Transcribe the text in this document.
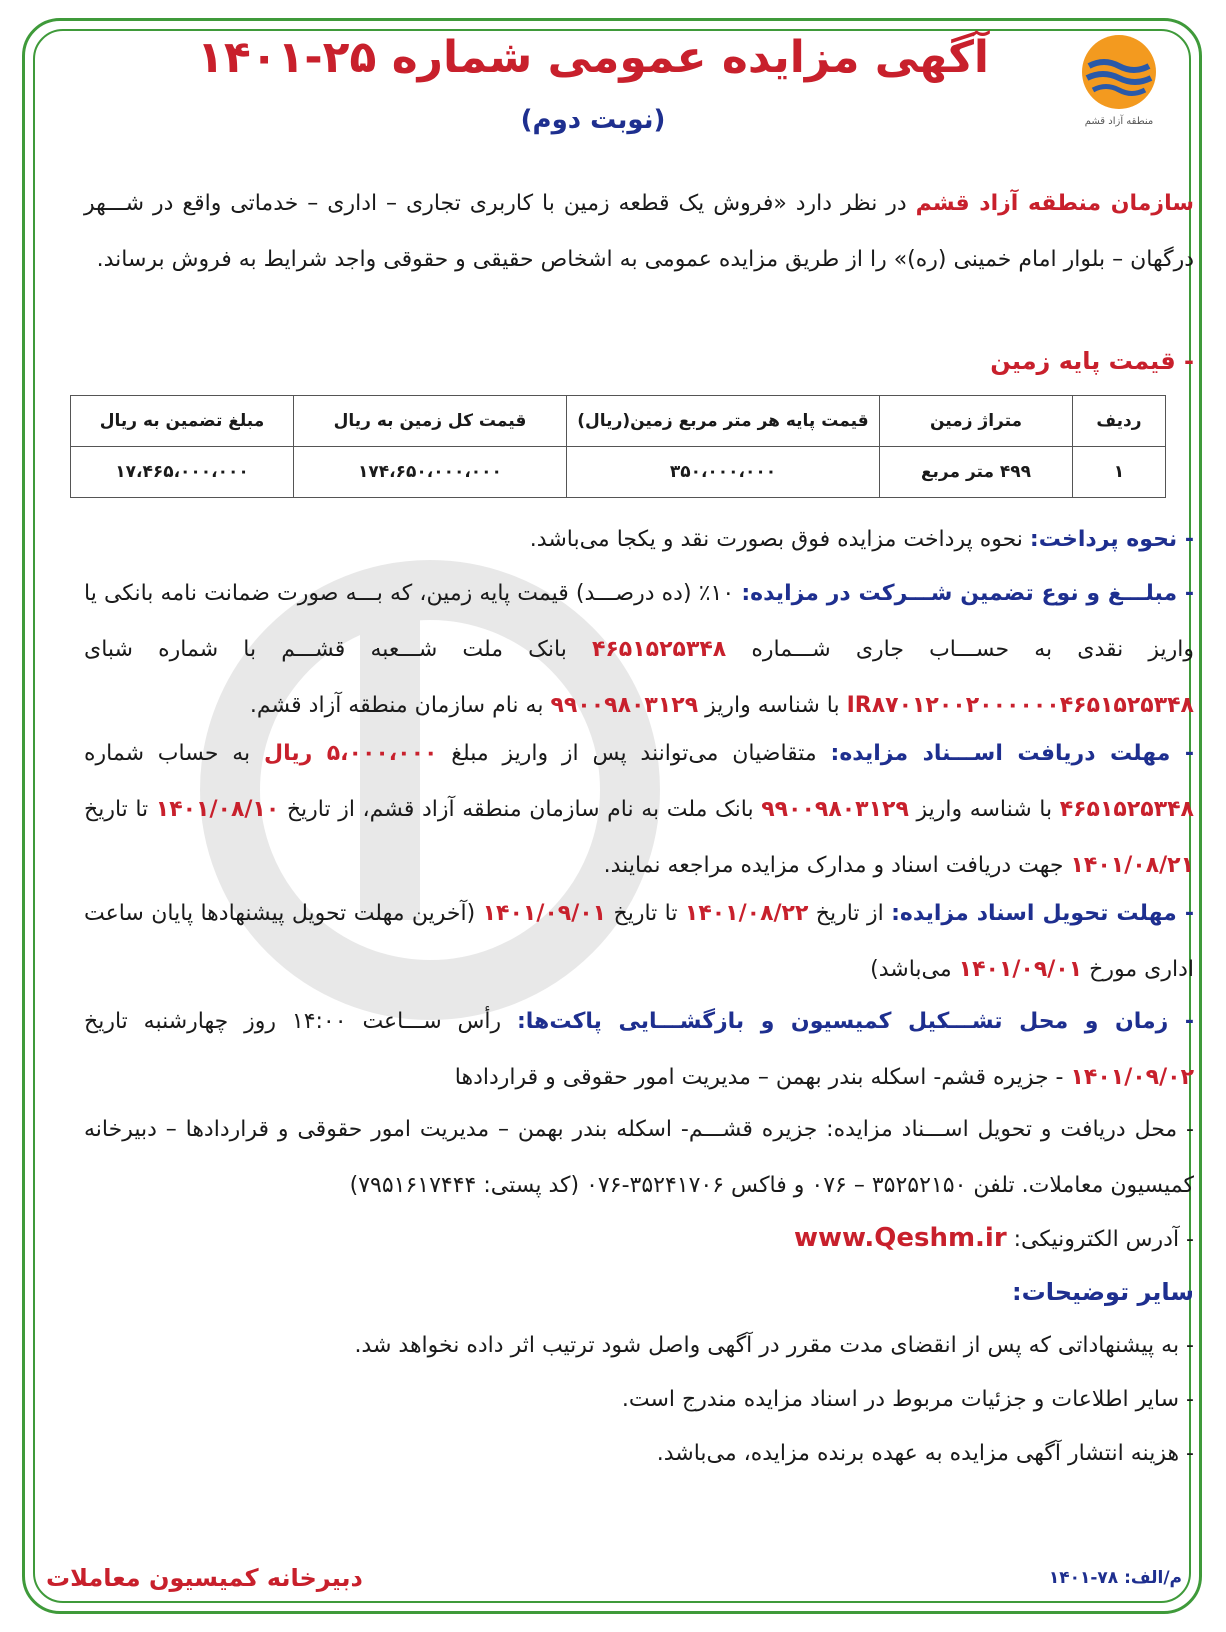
منطقه آزاد قشم
آگهی مزایده عمومی شماره ۲۵-۱۴۰۱
(نوبت دوم)
سازمان منطقه آزاد قشم در نظر دارد «فروش یک قطعه زمین با کاربری تجاری – اداری – خدماتی واقع در شـــهر درگهان – بلوار امام خمینی (ره)» را از طریق مزایده عمومی به اشخاص حقیقی و حقوقی واجد شرایط به فروش برساند.
- قیمت پایه زمین
ردیف	متراژ زمین	قیمت پایه هر متر مربع زمین(ریال)	قیمت کل زمین به ریال	مبلغ تضمین به ریال
۱	۴۹۹ متر مربع	۳۵۰،۰۰۰،۰۰۰	۱۷۴،۶۵۰،۰۰۰،۰۰۰	۱۷،۴۶۵،۰۰۰،۰۰۰
- نحوه پرداخت: نحوه پرداخت مزایده فوق بصورت نقد و یکجا می‌باشد.
- مبلـــغ و نوع تضمین شـــرکت در مزایده: ۱۰٪ (ده درصـــد) قیمت پایه زمین، که بـــه صورت ضمانت نامه بانکی یا واریز نقدی به حســـاب جاری شـــماره ۴۶۵۱۵۲۵۳۴۸ بانک ملت شـــعبه قشـــم با شماره شبای IR۸۷۰۱۲۰۰۲۰۰۰۰۰۰۴۶۵۱۵۲۵۳۴۸ با شناسه واریز ۹۹۰۰۹۸۰۳۱۲۹ به نام سازمان منطقه آزاد قشم.
- مهلت دریافت اســـناد مزایده: متقاضیان می‌توانند پس از واریز مبلغ ۵،۰۰۰،۰۰۰ ریال به حساب شماره ۴۶۵۱۵۲۵۳۴۸ با شناسه واریز ۹۹۰۰۹۸۰۳۱۲۹ بانک ملت به نام سازمان منطقه آزاد قشم، از تاریخ ۱۴۰۱/۰۸/۱۰ تا تاریخ ۱۴۰۱/۰۸/۲۱ جهت دریافت اسناد و مدارک مزایده مراجعه نمایند.
- مهلت تحویل اسناد مزایده: از تاریخ ۱۴۰۱/۰۸/۲۲ تا تاریخ ۱۴۰۱/۰۹/۰۱ (آخرین مهلت تحویل پیشنهادها پایان ساعت اداری مورخ ۱۴۰۱/۰۹/۰۱ می‌باشد)
- زمان و محل تشـــکیل کمیسیون و بازگشـــایی پاکت‌ها: رأس ســـاعت ۱۴:۰۰ روز چهارشنبه تاریخ ۱۴۰۱/۰۹/۰۲ - جزیره قشم- اسکله بندر بهمن – مدیریت امور حقوقی و قراردادها
- محل دریافت و تحویل اســـناد مزایده: جزیره قشـــم- اسکله بندر بهمن – مدیریت امور حقوقی و قراردادها – دبیرخانه کمیسیون معاملات. تلفن ۳۵۲۵۲۱۵۰ – ۰۷۶ و فاکس ۳۵۲۴۱۷۰۶-۰۷۶ (کد پستی: ۷۹۵۱۶۱۷۴۴۴)
- آدرس الکترونیکی: www.Qeshm.ir
سایر توضیحات:
- به پیشنهاداتی که پس از انقضای مدت مقرر در آگهی واصل شود ترتیب اثر داده نخواهد شد.
- سایر اطلاعات و جزئیات مربوط در اسناد مزایده مندرج است.
- هزینه انتشار آگهی مزایده به عهده برنده مزایده، می‌باشد.
دبیرخانه کمیسیون معاملات	م/الف: ۷۸-۱۴۰۱
